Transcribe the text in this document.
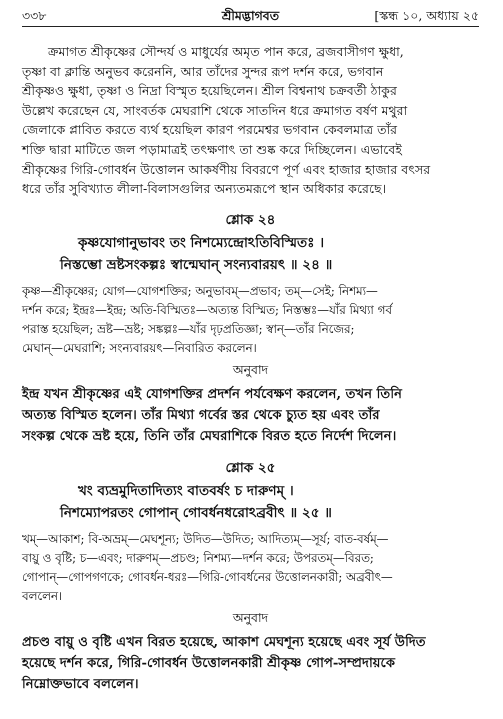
৩৩৮	শ্রীমদ্ভাগবত	[স্কন্ধ ১০, অধ্যায় ২৫
ক্রমাগত শ্রীকৃষ্ণের সৌন্দর্য ও মাধুর্যের অমৃত পান করে, ব্রজবাসীগণ ক্ষুধা,
তৃষ্ণা বা ক্লান্তি অনুভব করেননি, আর তাঁদের সুন্দর রূপ দর্শন করে, ভগবান
শ্রীকৃষ্ণও ক্ষুধা, তৃষ্ণা ও নিদ্রা বিস্মৃত হয়েছিলেন। শ্রীল বিশ্বনাথ চক্রবর্তী ঠাকুর
উল্লেখ করেছেন যে, সাংবর্তক মেঘরাশি থেকে সাতদিন ধরে ক্রমাগত বর্ষণ মথুরা
জেলাকে প্লাবিত করতে ব্যর্থ হয়েছিল কারণ পরমেশ্বর ভগবান কেবলমাত্র তাঁর
শক্তি দ্বারা মাটিতে জল পড়ামাত্রই তৎক্ষণাৎ তা শুষ্ক করে দিচ্ছিলেন। এভাবেই
শ্রীকৃষ্ণের গিরি-গোবর্ধন উত্তোলন আকর্ষণীয় বিবরণে পূর্ণ এবং হাজার হাজার বৎসর
ধরে তাঁর সুবিখ্যাত লীলা-বিলাসগুলির অন্যতমরূপে স্থান অধিকার করেছে।
শ্লোক ২৪
কৃষ্ণযোগানুভাবং তং নিশম্যেন্দ্রোঽতিবিস্মিতঃ ।
নিস্তম্ভো ভ্রষ্টসংকল্পঃ স্বান্মেঘান্ সংন্যবারয়ৎ ॥ ২৪ ॥
কৃষ্ণ—শ্রীকৃষ্ণের; যোগ—যোগশক্তির; অনুভাবম্—প্রভাব; তম্—সেই; নিশম্য—
দর্শন করে; ইন্দ্রঃ—ইন্দ্র; অতি-বিস্মিতঃ—অত্যন্ত বিস্মিত; নিস্তম্ভঃ—যাঁর মিথ্যা গর্ব
পরাস্ত হয়েছিল; ভ্রষ্ট—ভ্রষ্ট; সঙ্কল্পঃ—যাঁর দৃঢ়প্রতিজ্ঞা; স্বান্—তাঁর নিজের;
মেঘান্—মেঘরাশি; সংন্যবারয়ৎ—নিবারিত করলেন।
অনুবাদ
ইন্দ্র যখন শ্রীকৃষ্ণের এই যোগশক্তির প্রদর্শন পর্যবেক্ষণ করলেন, তখন তিনি
অত্যন্ত বিস্মিত হলেন। তাঁর মিথ্যা গর্বের স্তর থেকে চ্যুত হয় এবং তাঁর
সংকল্প থেকে ভ্রষ্ট হয়ে, তিনি তাঁর মেঘরাশিকে বিরত হতে নির্দেশ দিলেন।
শ্লোক ২৫
খং ব্যভ্রমুদিতাদিত্যং বাতবর্ষং চ দারুণম্ ।
নিশম্যোপরতং গোপান্ গোবর্ধনধরোঽব্রবীৎ ॥ ২৫ ॥
খম্—আকাশ; বি-অভ্রম্—মেঘশূন্য; উদিত—উদিত; আদিত্যম্—সূর্য; বাত-বর্ষম্—
বায়ু ও বৃষ্টি; চ—এবং; দারুণম্—প্রচণ্ড; নিশম্য—দর্শন করে; উপরতম্—বিরত;
গোপান্—গোপগণকে; গোবর্ধন-ধরঃ—গিরি-গোবর্ধনের উত্তোলনকারী; অব্রবীৎ—
বললেন।
অনুবাদ
প্রচণ্ড বায়ু ও বৃষ্টি এখন বিরত হয়েছে, আকাশ মেঘশূন্য হয়েছে এবং সূর্য উদিত
হয়েছে দর্শন করে, গিরি-গোবর্ধন উত্তোলনকারী শ্রীকৃষ্ণ গোপ-সম্প্রদায়কে
নিম্নোক্তভাবে বললেন।
